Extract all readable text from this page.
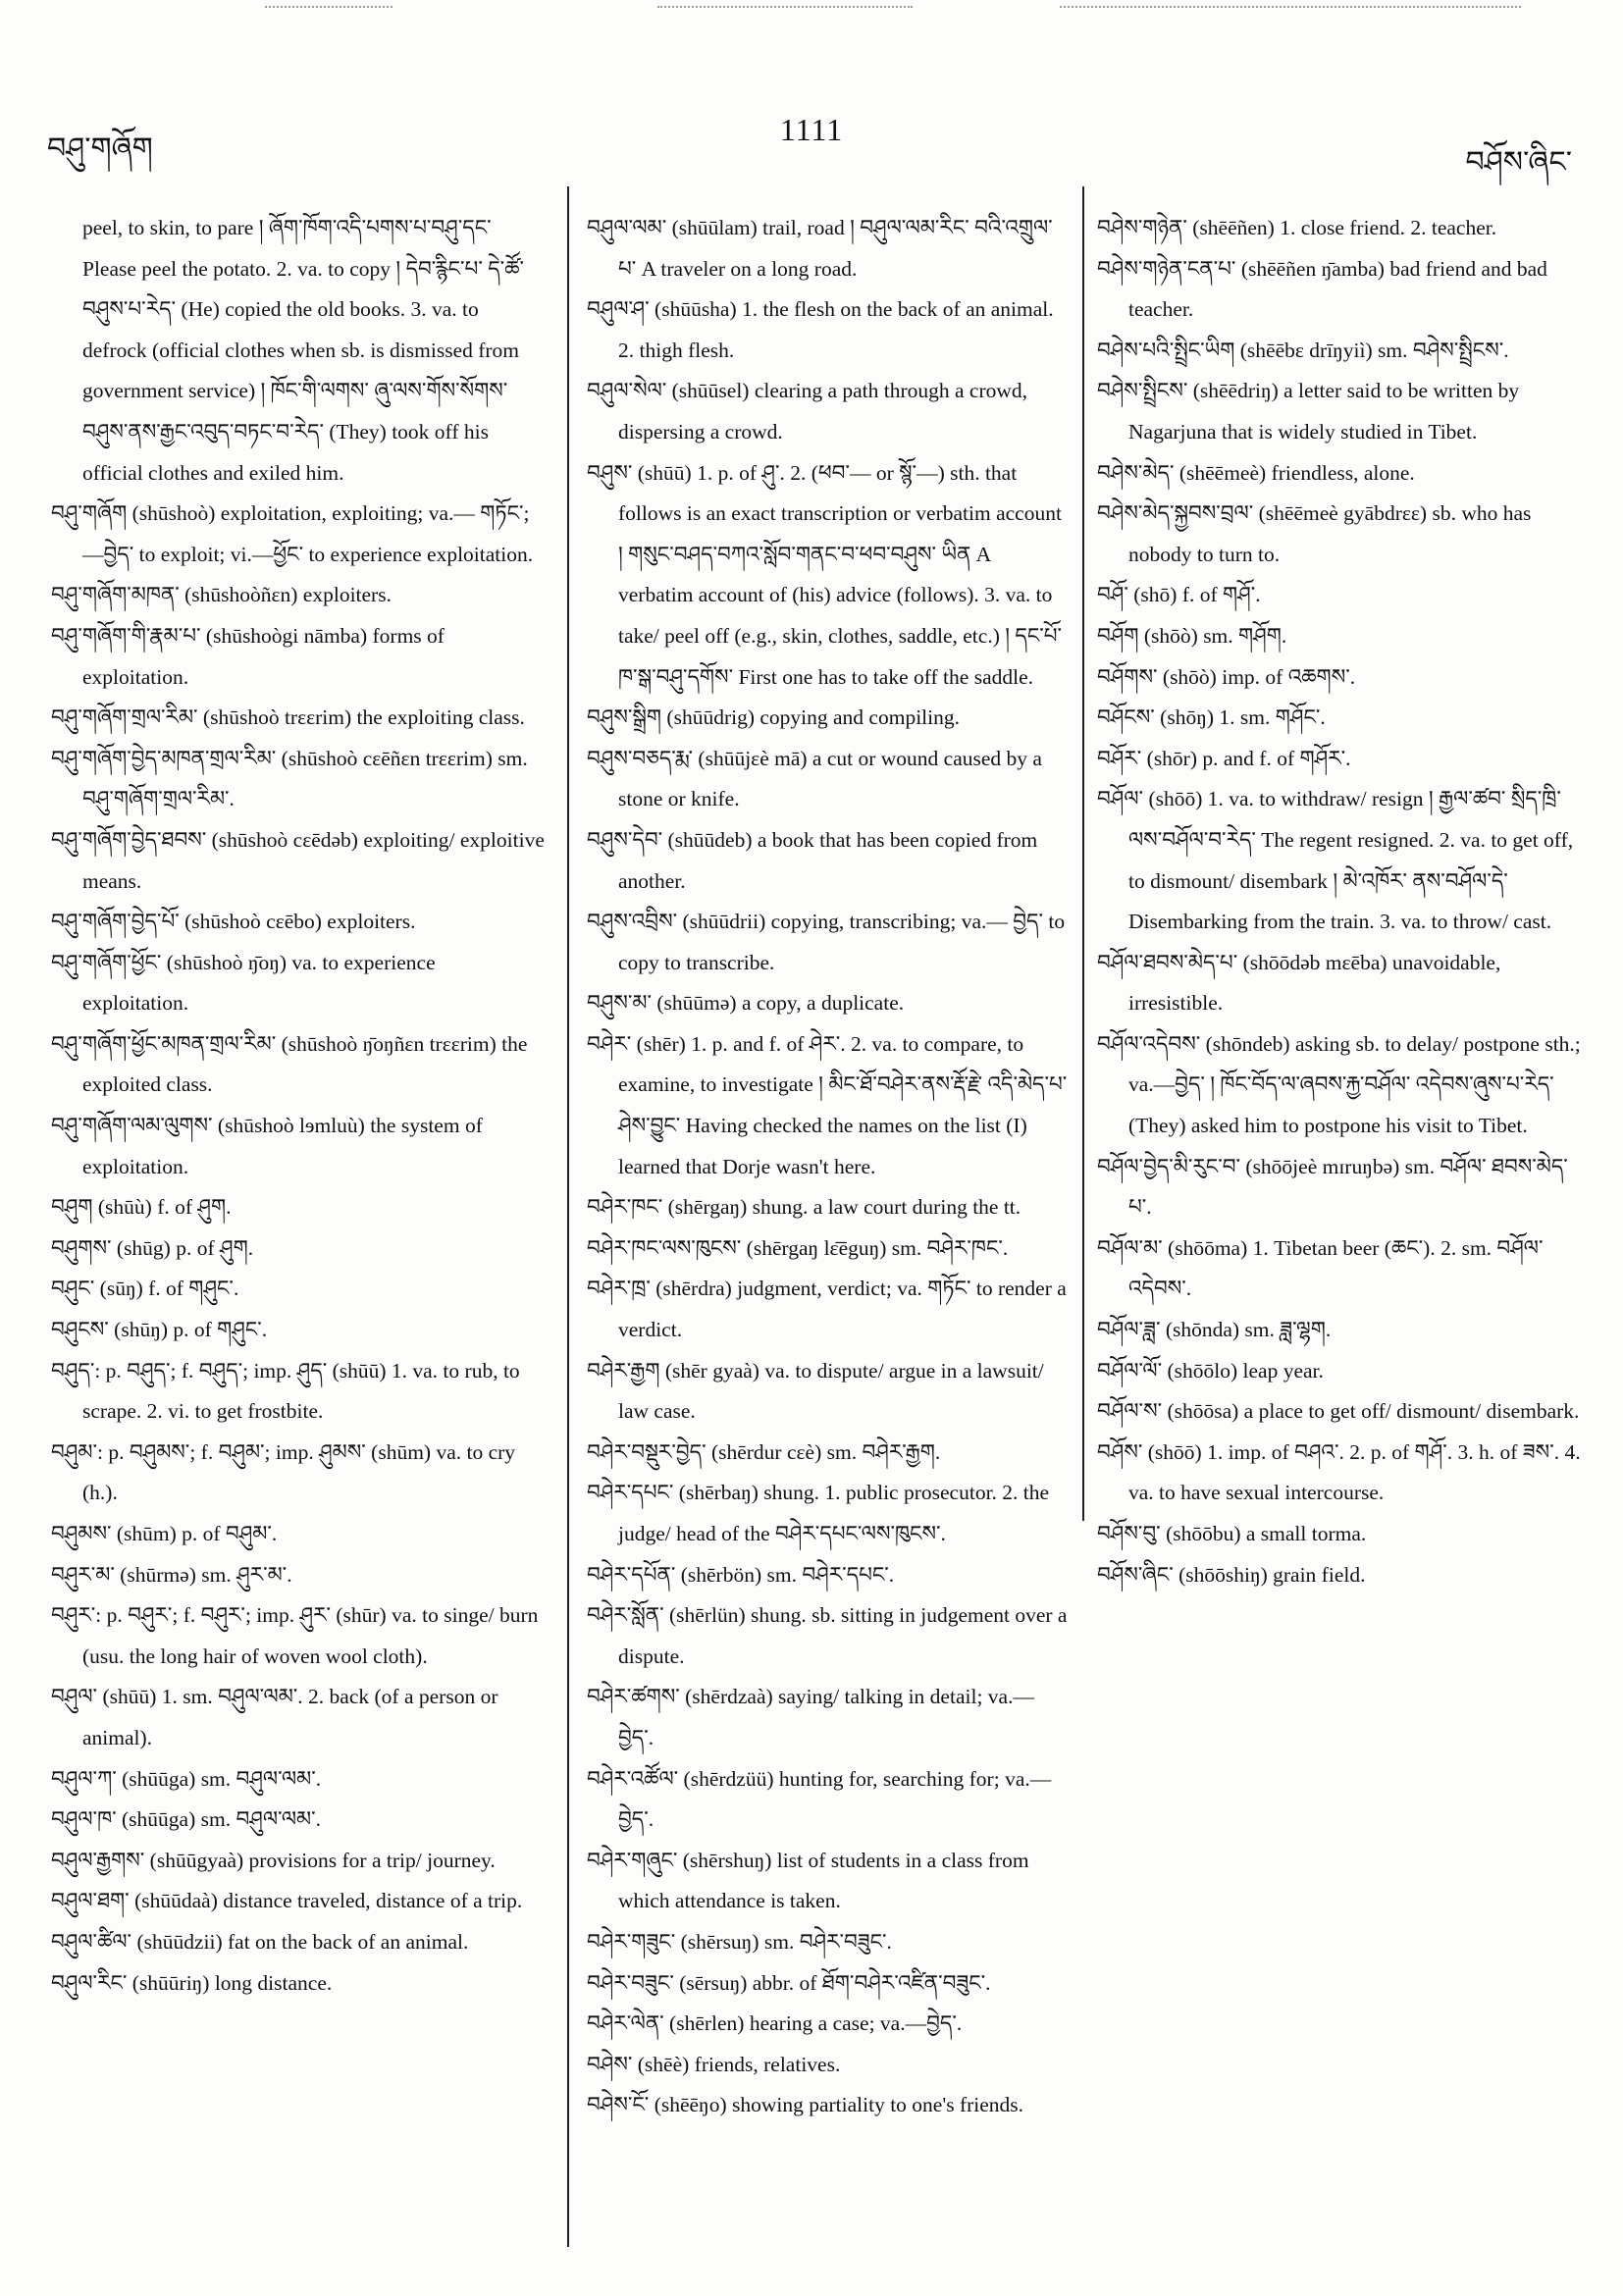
བཤུ་གཞོག
1111
བཤོས་ཞིང་

peel, to skin, to pare ། ཞོག་ཁོག་འདི་པགས་པ་བཤུ་དང་ Please peel the potato. 2. va. to copy ། དེབ་རྙིང་པ་ དེ་ཚོ་བཤུས་པ་རེད་ (He) copied the old books. 3. va. to defrock (official clothes when sb. is dismissed from government service) ། ཁོང་གི་ལགས་ ཞུ་ལས་གོས་སོགས་བཤུས་ནས་རྒྱང་འབུད་བཏང་བ་རེད་ (They) took off his official clothes and exiled him.

བཤུ་གཞོག (shūshoò) exploitation, exploiting; va.— གཏོང་; —བྱེད་ to exploit; vi.—ཕྱོང་ to experience exploitation.

བཤུ་གཞོག་མཁན་ (shūshoòñɛn) exploiters.

བཤུ་གཞོག་གི་རྣམ་པ་ (shūshoògi nāmba) forms of exploitation.

བཤུ་གཞོག་གྲལ་རིམ་ (shūshoò trɛɛrim) the exploiting class.

བཤུ་གཞོག་བྱེད་མཁན་གྲལ་རིམ་ (shūshoò cɛēñɛn trɛɛrim) sm. བཤུ་གཞོག་གྲལ་རིམ་.

བཤུ་གཞོག་བྱེད་ཐབས་ (shūshoò cɛēdəb) exploiting/ exploitive means.

བཤུ་གཞོག་བྱེད་པོ་ (shūshoò cɛēbo) exploiters.

བཤུ་གཞོག་ཕྱོང་ (shūshoò ŋ̄oŋ) va. to experience exploitation.

བཤུ་གཞོག་ཕྱོང་མཁན་གྲལ་རིམ་ (shūshoò ŋ̄oŋñɛn trɛɛrim) the exploited class.

བཤུ་གཞོག་ལམ་ལུགས་ (shūshoò lɘmluù) the system of exploitation.

བཤུག (shūù) f. of ཤུག.

བཤུགས་ (shūg) p. of ཤུག.

བཤུང་ (sūŋ) f. of གཤུང་.

བཤུངས་ (shūŋ) p. of གཤུང་.

བཤུད་: p. བཤུད་; f. བཤུད་; imp. ཤུད་ (shūū) 1. va. to rub, to scrape. 2. vi. to get frostbite.

བཤུམ་: p. བཤུམས་; f. བཤུམ་; imp. ཤུམས་ (shūm) va. to cry (h.).

བཤུམས་ (shūm) p. of བཤུམ་.

བཤུར་མ་ (shūrmə) sm. ཤུར་མ་.

བཤུར་: p. བཤུར་; f. བཤུར་; imp. ཤུར་ (shūr) va. to singe/ burn (usu. the long hair of woven wool cloth).

བཤུལ་ (shūū) 1. sm. བཤུལ་ལམ་. 2. back (of a person or animal).

བཤུལ་ཀ་ (shūūga) sm. བཤུལ་ལམ་.

བཤུལ་ཁ་ (shūūga) sm. བཤུལ་ལམ་.

བཤུལ་རྒྱགས་ (shūūgyaà) provisions for a trip/ journey.

བཤུལ་ཐག་ (shūūdaà) distance traveled, distance of a trip.

བཤུལ་ཚིལ་ (shūūdzii) fat on the back of an animal.

བཤུལ་རིང་ (shūūriŋ) long distance.

བཤུལ་ལམ་ (shūūlam) trail, road ། བཤུལ་ལམ་རིང་ བའི་འགྲུལ་པ་ A traveler on a long road.

བཤུལ་ཤ་ (shūūsha) 1. the flesh on the back of an animal. 2. thigh flesh.

བཤུལ་སེལ་ (shūūsel) clearing a path through a crowd, dispersing a crowd.

བཤུས་ (shūū) 1. p. of ཤུ་. 2. (ཕབ་— or སྙོ་—) sth. that follows is an exact transcription or verbatim account ། གསུང་བཤད་བཀའ་སློབ་གནང་བ་ཕབ་བཤུས་ ཡིན A verbatim account of (his) advice (follows). 3. va. to take/ peel off (e.g., skin, clothes, saddle, etc.) ། དང་པོ་ཁ་སྒ་བཤུ་དགོས་ First one has to take off the saddle.

བཤུས་སྒྲིག (shūūdrig) copying and compiling.

བཤུས་བཅད་རྨ་ (shūūjɛè mā) a cut or wound caused by a stone or knife.

བཤུས་དེབ་ (shūūdeb) a book that has been copied from another.

བཤུས་འབྲིས་ (shūūdrii) copying, transcribing; va.— བྱེད་ to copy to transcribe.

བཤུས་མ་ (shūūmə) a copy, a duplicate.

བཤེར་ (shēr) 1. p. and f. of ཤེར་. 2. va. to compare, to examine, to investigate ། མིང་ཐོ་བཤེར་ནས་རྡོ་རྗེ་ འདི་མེད་པ་ཤེས་བྱུང་ Having checked the names on the list (I) learned that Dorje wasn't here.

བཤེར་ཁང་ (shērgaŋ) shung. a law court during the tt.

བཤེར་ཁང་ལས་ཁུངས་ (shērgaŋ lɛ̄ēguŋ) sm. བཤེར་ཁང་.

བཤེར་ཁྲ་ (shērdra) judgment, verdict; va. གཏོང་ to render a verdict.

བཤེར་རྒྱག (shēr gyaà) va. to dispute/ argue in a lawsuit/ law case.

བཤེར་བསྡུར་བྱེད་ (shērdur cɛè) sm. བཤེར་རྒྱག.

བཤེར་དཔང་ (shērbaŋ) shung. 1. public prosecutor. 2. the judge/ head of the བཤེར་དཔང་ལས་ཁུངས་.

བཤེར་དཔོན་ (shērbön) sm. བཤེར་དཔང་.

བཤེར་སློན་ (shērlün) shung. sb. sitting in judgement over a dispute.

བཤེར་ཚགས་ (shērdzaà) saying/ talking in detail; va.—བྱེད་.

བཤེར་འཚོལ་ (shērdzüü) hunting for, searching for; va.—བྱེད་.

བཤེར་གཞུང་ (shērshuŋ) list of students in a class from which attendance is taken.

བཤེར་གཟུང་ (shērsuŋ) sm. བཤེར་བཟུང་.

བཤེར་བཟུང་ (sērsuŋ) abbr. of ཐོག་བཤེར་འཛིན་བཟུང་.

བཤེར་ལེན་ (shērlen) hearing a case; va.—བྱེད་.

བཤེས་ (shēè) friends, relatives.

བཤེས་ངོ་ (shēēŋo) showing partiality to one's friends.

བཤེས་གཉེན་ (shēēñen) 1. close friend. 2. teacher.

བཤེས་གཉེན་ངན་པ་ (shēēñen ŋ̄amba) bad friend and bad teacher.

བཤེས་པའི་སྤྲིང་ཡིག (shēēbɛ drīŋyiì) sm. བཤེས་སྤྲིངས་.

བཤེས་སྤྲིངས་ (shēēdriŋ) a letter said to be written by Nagarjuna that is widely studied in Tibet.

བཤེས་མེད་ (shēēmeè) friendless, alone.

བཤེས་མེད་སྐྱབས་བྲལ་ (shēēmeè gyābdrɛɛ) sb. who has nobody to turn to.

བཤོ་ (shō) f. of གཤོ་.

བཤོག (shōò) sm. གཤོག.

བཤོགས་ (shōò) imp. of འཆགས་.

བཤོངས་ (shōŋ) 1. sm. གཤོང་.

བཤོར་ (shōr) p. and f. of གཤོར་.

བཤོལ་ (shōō) 1. va. to withdraw/ resign ། རྒྱལ་ཚབ་ སྲིད་ཁྲི་ལས་བཤོལ་བ་རེད་ The regent resigned. 2. va. to get off, to dismount/ disembark ། མེ་འཁོར་ ནས་བཤོལ་དེ་ Disembarking from the train. 3. va. to throw/ cast.

བཤོལ་ཐབས་མེད་པ་ (shōōdəb mɛēba) unavoidable, irresistible.

བཤོལ་འདེབས་ (shōndeb) asking sb. to delay/ postpone sth.; va.—བྱེད་ ། ཁོང་བོད་ལ་ཞབས་རྐྱ་བཤོལ་ འདེབས་ཞུས་པ་རེད་ (They) asked him to postpone his visit to Tibet.

བཤོལ་བྱེད་མི་རུང་བ་ (shōōjeè mɪruŋbə) sm. བཤོལ་ ཐབས་མེད་པ་.

བཤོལ་མ་ (shōōma) 1. Tibetan beer (ཆང་). 2. sm. བཤོལ་འདེབས་.

བཤོལ་ཟླ་ (shōnda) sm. ཟླ་ལྷག.

བཤོལ་ལོ་ (shōōlo) leap year.

བཤོལ་ས་ (shōōsa) a place to get off/ dismount/ disembark.

བཤོས་ (shōō) 1. imp. of བཤའ་. 2. p. of གཤོ་. 3. h. of ཟས་. 4. va. to have sexual intercourse.

བཤོས་བུ་ (shōōbu) a small torma.

བཤོས་ཞིང་ (shōōshiŋ) grain field.
